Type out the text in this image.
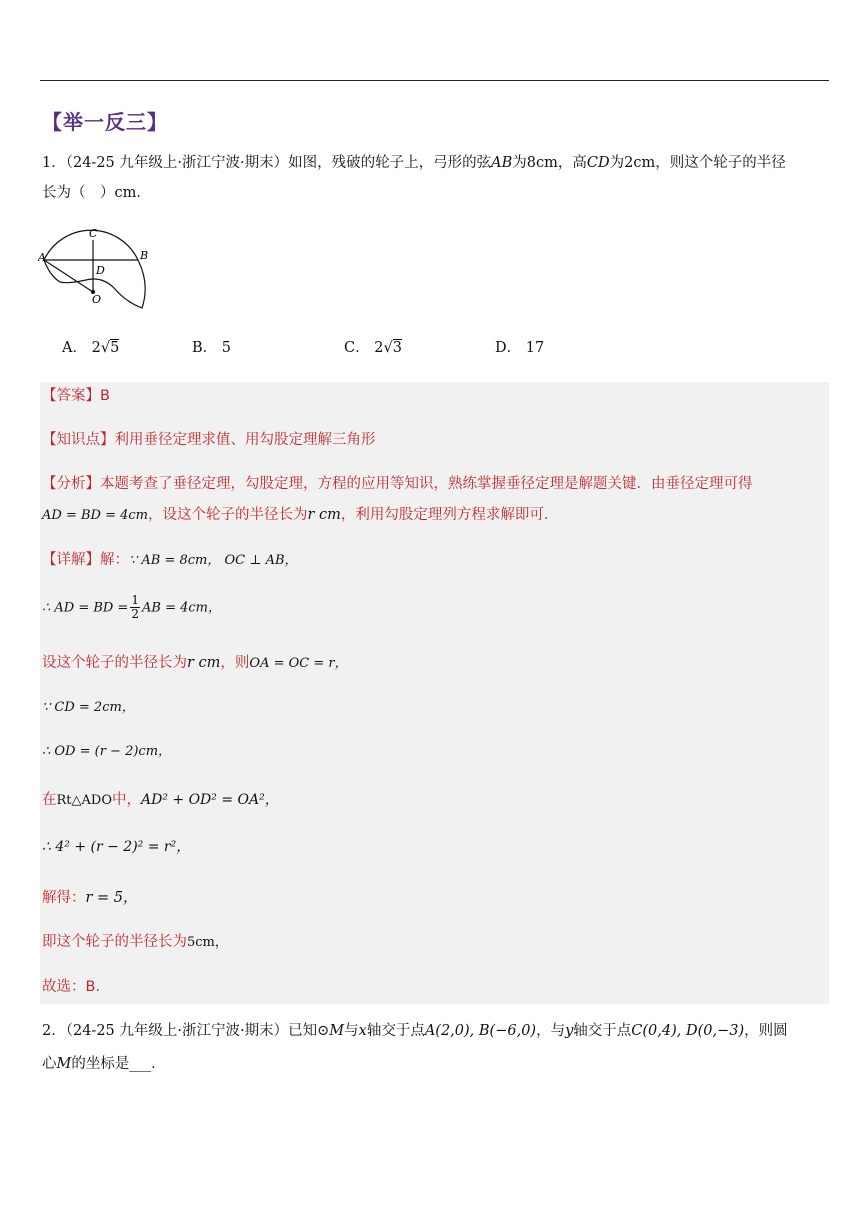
【举一反三】
1．（24-25 九年级上·浙江宁波·期末）如图，残破的轮子上，弓形的弦AB为8cm，高CD为2cm，则这个轮子的半径
长为（　）cm．
C
A	B
D
O
A． 2√5	B． 5	C． 2√3	D． 17
【答案】B
【知识点】利用垂径定理求值、用勾股定理解三角形
【分析】本题考查了垂径定理，勾股定理，方程的应用等知识，熟练掌握垂径定理是解题关键．由垂径定理可得
AD = BD = 4cm，设这个轮子的半径长为r cm，利用勾股定理列方程求解即可．
【详解】解：∵ AB = 8cm， OC ⊥ AB，
∴ AD = BD = $\frac{1}{2}$ AB = 4cm，
设这个轮子的半径长为r cm，则OA = OC = r，
∵ CD = 2cm，
∴ OD = (r − 2)cm，
在Rt△ADO中，AD² + OD² = OA²，
∴ 4² + (r − 2)² = r²，
解得：r = 5，
即这个轮子的半径长为5cm，
故选：B．
2．（24-25 九年级上·浙江宁波·期末）已知⊙M与x轴交于点A(2,0), B(−6,0)，与y轴交于点C(0,4), D(0,−3)，则圆
心M的坐标是___．
